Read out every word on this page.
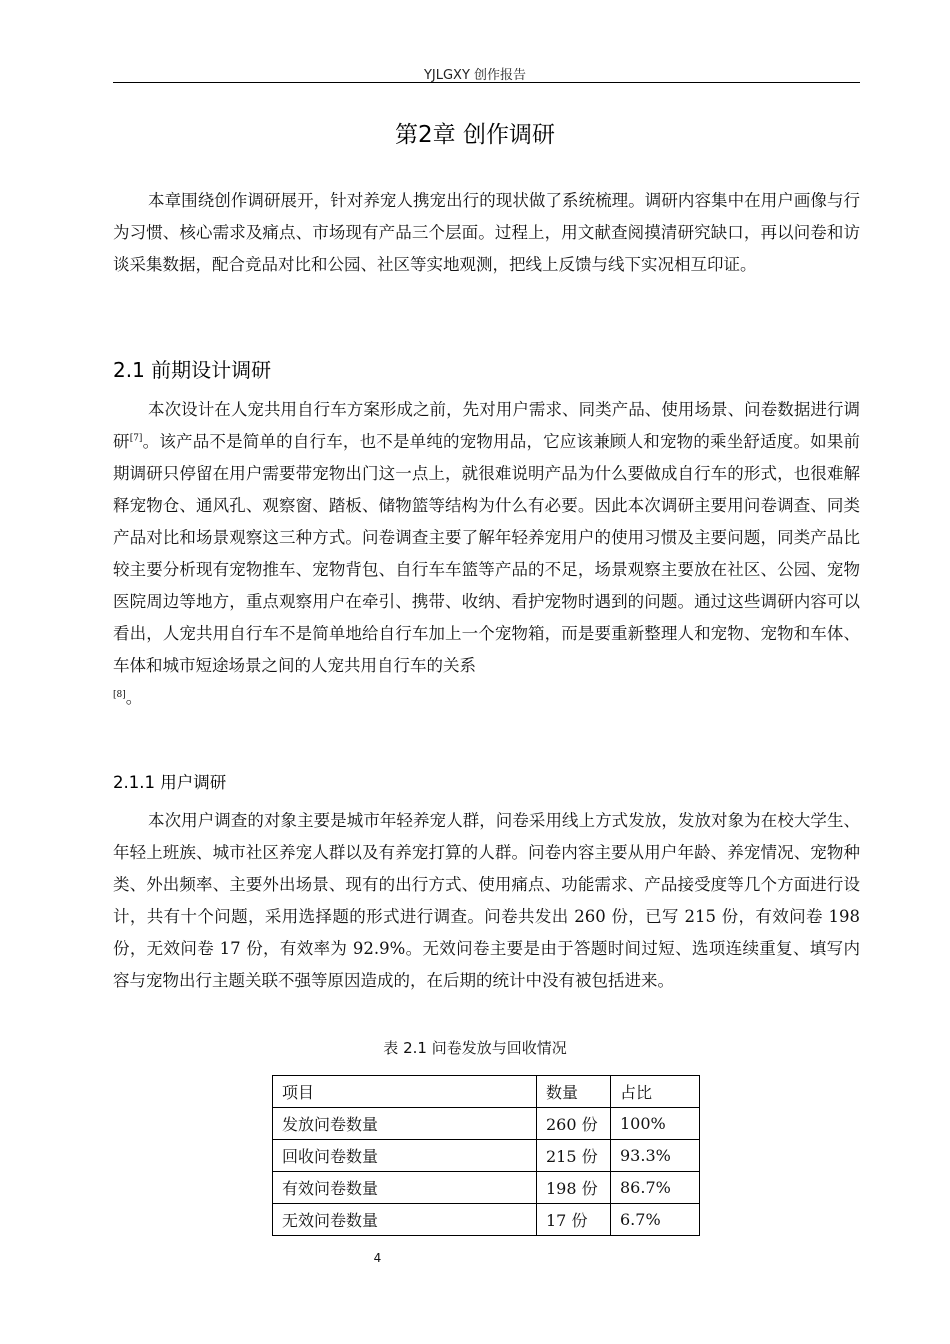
YJLGXY 创作报告
第2章 创作调研

本章围绕创作调研展开，针对养宠人携宠出行的现状做了系统梳理。调研内容集中在用户画像与行为习惯、核心需求及痛点、市场现有产品三个层面。过程上，用文献查阅摸清研究缺口，再以问卷和访谈采集数据，配合竞品对比和公园、社区等实地观测，把线上反馈与线下实况相互印证。

2.1 前期设计调研

本次设计在人宠共用自行车方案形成之前，先对用户需求、同类产品、使用场景、问卷数据进行调研[7]。该产品不是简单的自行车，也不是单纯的宠物用品，它应该兼顾人和宠物的乘坐舒适度。如果前期调研只停留在用户需要带宠物出门这一点上，就很难说明产品为什么要做成自行车的形式，也很难解释宠物仓、通风孔、观察窗、踏板、储物篮等结构为什么有必要。因此本次调研主要用问卷调查、同类产品对比和场景观察这三种方式。问卷调查主要了解年轻养宠用户的使用习惯及主要问题，同类产品比较主要分析现有宠物推车、宠物背包、自行车车篮等产品的不足，场景观察主要放在社区、公园、宠物医院周边等地方，重点观察用户在牵引、携带、收纳、看护宠物时遇到的问题。通过这些调研内容可以看出，人宠共用自行车不是简单地给自行车加上一个宠物箱，而是要重新整理人和宠物、宠物和车体、车体和城市短途场景之间的人宠共用自行车的关系
[8]。

2.1.1 用户调研

本次用户调查的对象主要是城市年轻养宠人群，问卷采用线上方式发放，发放对象为在校大学生、年轻上班族、城市社区养宠人群以及有养宠打算的人群。问卷内容主要从用户年龄、养宠情况、宠物种类、外出频率、主要外出场景、现有的出行方式、使用痛点、功能需求、产品接受度等几个方面进行设计，共有十个问题，采用选择题的形式进行调查。问卷共发出 260 份，已写 215 份，有效问卷 198 份，无效问卷 17 份，有效率为 92.9%。无效问卷主要是由于答题时间过短、选项连续重复、填写内容与宠物出行主题关联不强等原因造成的，在后期的统计中没有被包括进来。

表 2.1 问卷发放与回收情况
项目	数量	占比
发放问卷数量	260 份	100%
回收问卷数量	215 份	93.3%
有效问卷数量	198 份	86.7%
无效问卷数量	17 份	6.7%
4
